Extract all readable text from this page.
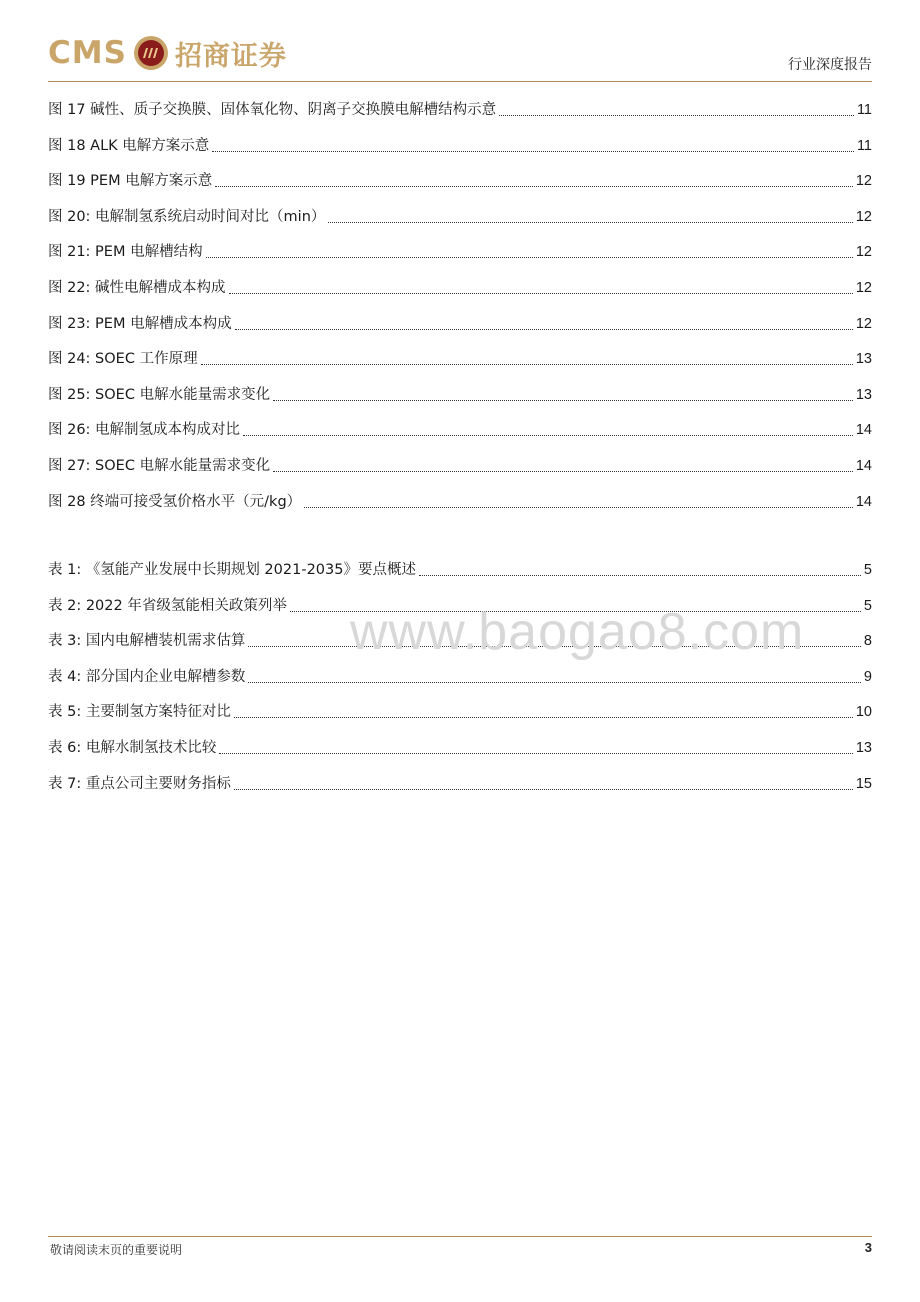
CMS 招商证券	行业深度报告
图 17 碱性、质子交换膜、固体氧化物、阴离子交换膜电解槽结构示意	11
图 18 ALK 电解方案示意	11
图 19 PEM 电解方案示意	12
图 20: 电解制氢系统启动时间对比（min）	12
图 21: PEM 电解槽结构	12
图 22: 碱性电解槽成本构成	12
图 23: PEM 电解槽成本构成	12
图 24: SOEC 工作原理	13
图 25: SOEC 电解水能量需求变化	13
图 26: 电解制氢成本构成对比	14
图 27: SOEC 电解水能量需求变化	14
图 28 终端可接受氢价格水平（元/kg）	14
表 1: 《氢能产业发展中长期规划 2021-2035》要点概述	5
表 2: 2022 年省级氢能相关政策列举	5
表 3: 国内电解槽装机需求估算	8
表 4: 部分国内企业电解槽参数	9
表 5: 主要制氢方案特征对比	10
表 6: 电解水制氢技术比较	13
表 7: 重点公司主要财务指标	15
www.baogao8.com
敬请阅读末页的重要说明	3
